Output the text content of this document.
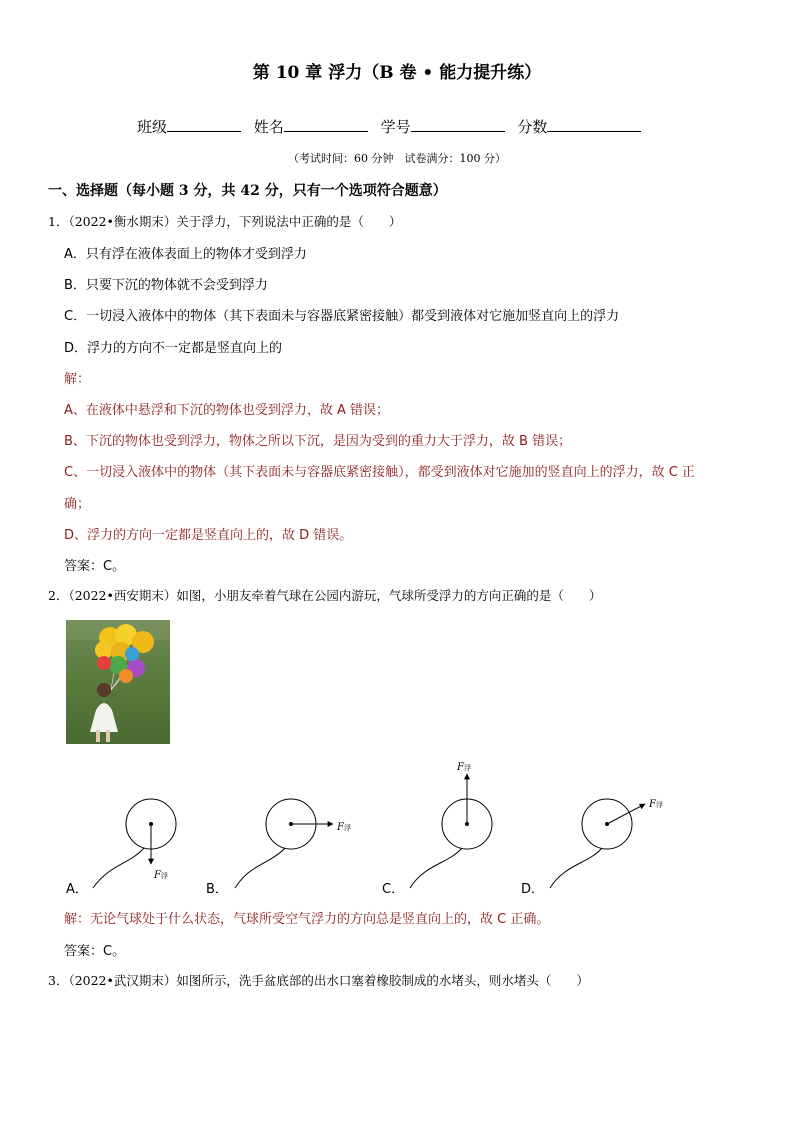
第 10 章 浮力（B 卷 • 能力提升练）
班级	姓名	学号	分数
（考试时间：60 分钟　试卷满分：100 分）
一、选择题（每小题 3 分，共 42 分，只有一个选项符合题意）
1．（2022•衡水期末）关于浮力，下列说法中正确的是（　　）
A．只有浮在液体表面上的物体才受到浮力
B．只要下沉的物体就不会受到浮力
C．一切浸入液体中的物体（其下表面未与容器底紧密接触）都受到液体对它施加竖直向上的浮力
D．浮力的方向不一定都是竖直向上的
解：
A、在液体中悬浮和下沉的物体也受到浮力，故 A 错误；
B、下沉的物体也受到浮力，物体之所以下沉，是因为受到的重力大于浮力，故 B 错误；
C、一切浸入液体中的物体（其下表面未与容器底紧密接触），都受到液体对它施加的竖直向上的浮力，故 C 正
确；
D、浮力的方向一定都是竖直向上的，故 D 错误。
答案：C。
2．（2022•西安期末）如图，小朋友牵着气球在公园内游玩，气球所受浮力的方向正确的是（　　）
F浮
F浮
F浮
F浮
A．	B．	C．	D．
解：无论气球处于什么状态，气球所受空气浮力的方向总是竖直向上的，故 C 正确。
答案：C。
3．（2022•武汉期末）如图所示，洗手盆底部的出水口塞着橡胶制成的水堵头，则水堵头（　　）
